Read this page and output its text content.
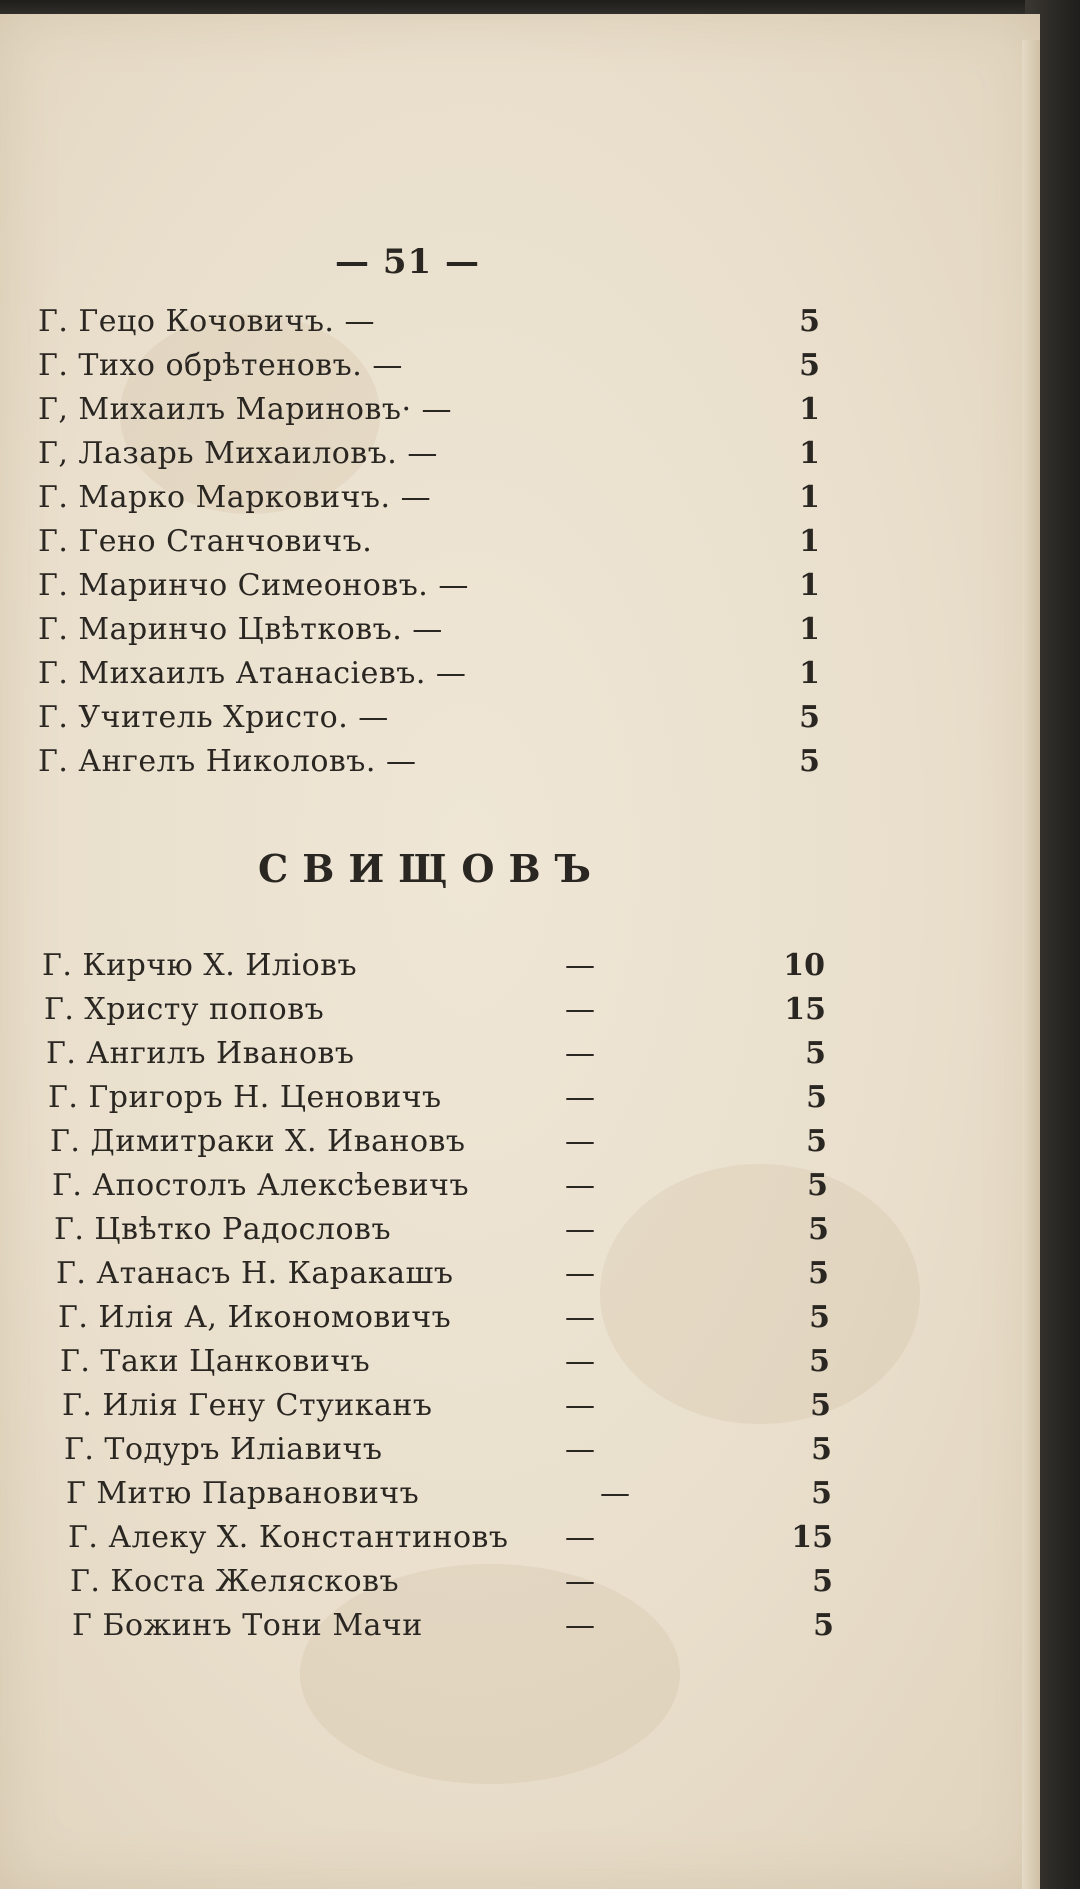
— 51 —
Г. Гецо Кочовичъ. —	5
Г. Тихо обрѣтеновъ. —	5
Г, Михаилъ Мариновъ· —	1
Г, Лазарь Михаиловъ. —	1
Г. Марко Марковичъ. —	1
Г. Гено Станчовичъ.	1
Г. Маринчо Симеоновъ. —	1
Г. Маринчо Цвѣтковъ. —	1
Г. Михаилъ Атанасіевъ. —	1
Г. Учитель Христо. —	5
Г. Ангелъ Николовъ. —	5
СВИЩОВЪ
Г. Кирчю Х. Иліовъ	—	10
Г. Христу поповъ	—	15
Г. Ангилъ Ивановъ	—	5
Г. Григоръ Н. Ценовичъ	—	5
Г. Димитраки Х. Ивановъ	—	5
Г. Апостолъ Алексѣевичъ	—	5
Г. Цвѣтко Радословъ	—	5
Г. Атанасъ Н. Каракашъ	—	5
Г. Илія А, Икономовичъ	—	5
Г. Таки Цанковичъ	—	5
Г. Илія Гену Стуиканъ	—	5
Г. Тодуръ Иліавичъ	—	5
Г Митю Парвановичъ	—	5
Г. Алеку Х. Константиновъ —	15
Г. Коста Желясковъ	—	5
Г Божинъ Тони Мачи	—	5
